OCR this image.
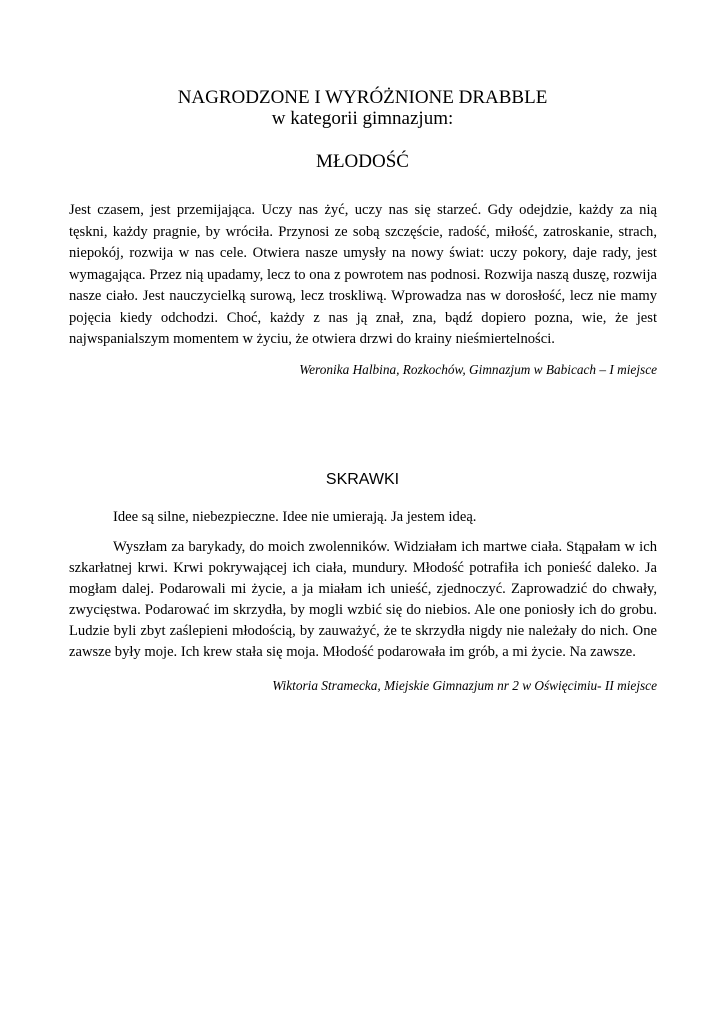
NAGRODZONE I WYRÓŻNIONE DRABBLE
w kategorii gimnazjum:
MŁODOŚĆ

Jest czasem, jest przemijająca. Uczy nas żyć, uczy nas się starzeć. Gdy odejdzie, każdy za nią tęskni, każdy pragnie, by wróciła. Przynosi ze sobą szczęście, radość, miłość, zatroskanie, strach, niepokój, rozwija w nas cele. Otwiera nasze umysły na nowy świat: uczy pokory, daje rady, jest wymagająca. Przez nią upadamy, lecz to ona z powrotem nas podnosi. Rozwija naszą duszę, rozwija nasze ciało. Jest nauczycielką surową, lecz troskliwą. Wprowadza nas w dorosłość, lecz nie mamy pojęcia kiedy odchodzi. Choć, każdy z nas ją znał, zna, bądź dopiero pozna, wie, że jest najwspanialszym momentem w życiu, że otwiera drzwi do krainy nieśmiertelności.

Weronika Halbina, Rozkochów, Gimnazjum w Babicach – I miejsce
SKRAWKI

Idee są silne, niebezpieczne. Idee nie umierają. Ja jestem ideą.

Wyszłam za barykady, do moich zwolenników. Widziałam ich martwe ciała. Stąpałam w ich szkarłatnej krwi. Krwi pokrywającej ich ciała, mundury. Młodość potrafiła ich ponieść daleko. Ja mogłam dalej. Podarowali mi życie, a ja miałam ich unieść, zjednoczyć. Zaprowadzić do chwały, zwycięstwa. Podarować im skrzydła, by mogli wzbić się do niebios. Ale one poniosły ich do grobu. Ludzie byli zbyt zaślepieni młodością, by zauważyć, że te skrzydła nigdy nie należały do nich. One zawsze były moje. Ich krew stała się moja. Młodość podarowała im grób, a mi życie. Na zawsze.

Wiktoria Stramecka, Miejskie Gimnazjum nr 2 w Oświęcimiu- II miejsce
